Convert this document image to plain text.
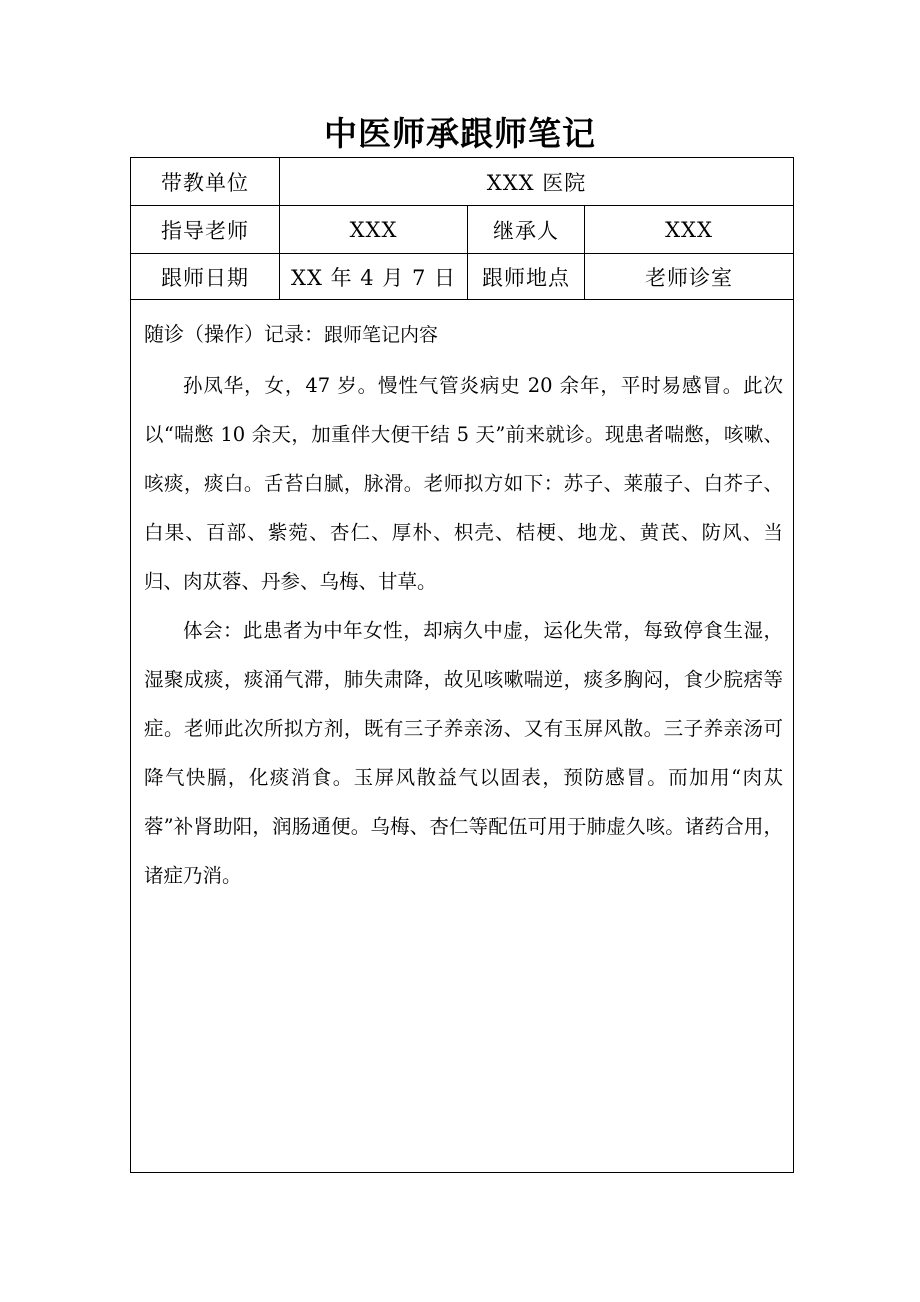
中医师承跟师笔记
带教单位	XXX 医院		
指导老师	XXX	继承人	XXX
跟师日期	XX 年 4 月 7 日	跟师地点	老师诊室

随诊（操作）记录：跟师笔记内容

孙凤华，女，47 岁。慢性气管炎病史 20 余年，平时易感冒。此次以“喘憋 10 余天，加重伴大便干结 5 天”前来就诊。现患者喘憋，咳嗽、咳痰，痰白。舌苔白腻，脉滑。老师拟方如下：苏子、莱菔子、白芥子、白果、百部、紫菀、杏仁、厚朴、枳壳、桔梗、地龙、黄芪、防风、当归、肉苁蓉、丹参、乌梅、甘草。

体会：此患者为中年女性，却病久中虚，运化失常，每致停食生湿，湿聚成痰，痰涌气滞，肺失肃降，故见咳嗽喘逆，痰多胸闷，食少脘痞等症。老师此次所拟方剂，既有三子养亲汤、又有玉屏风散。三子养亲汤可降气快膈，化痰消食。玉屏风散益气以固表，预防感冒。而加用“肉苁蓉”补肾助阳，润肠通便。乌梅、杏仁等配伍可用于肺虚久咳。诸药合用，诸症乃消。			
